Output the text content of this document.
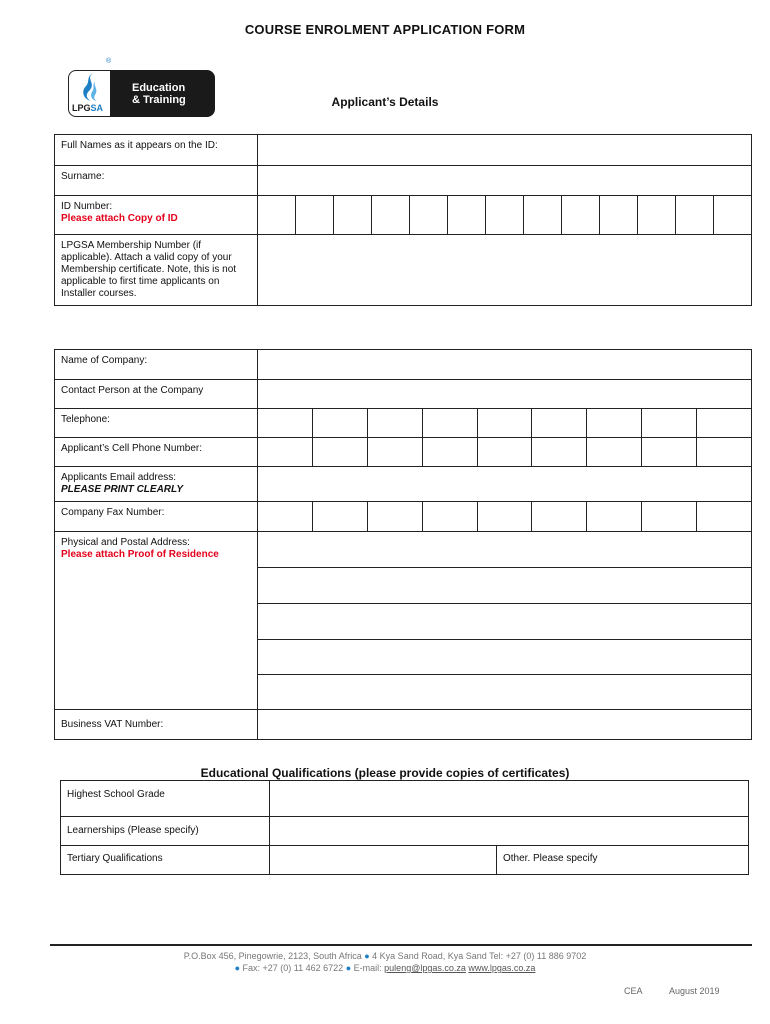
COURSE ENROLMENT APPLICATION FORM
®
LPGSA
Education
& Training	Applicant’s Details
Full Names as it appears on the ID:													
Surname:													

ID Number:
Please attach Copy of ID													

LPGSA Membership Number (if applicable). Attach a valid copy of your Membership certificate. Note, this is not applicable to first time applicants on Installer courses.													
Name of Company:									
Contact Person at the Company									
Telephone:									
Applicant’s Cell Phone Number:									

Applicants Email address:
PLEASE PRINT CLEARLY									

Company Fax Number:									

Physical and Postal Address:
Please attach Proof of Residence									

Business VAT Number:									
Educational Qualifications (please provide copies of certificates)
Highest School Grade		
Learnerships (Please specify)		
Tertiary Qualifications		Other. Please specify
P.O.Box 456, Pinegowrie, 2123, South Africa ● 4 Kya Sand Road, Kya Sand Tel: +27 (0) 11 886 9702
● Fax: +27 (0) 11 462 6722 ● E-mail: puleng@lpgas.co.za www.lpgas.co.za
CEA	August 2019
